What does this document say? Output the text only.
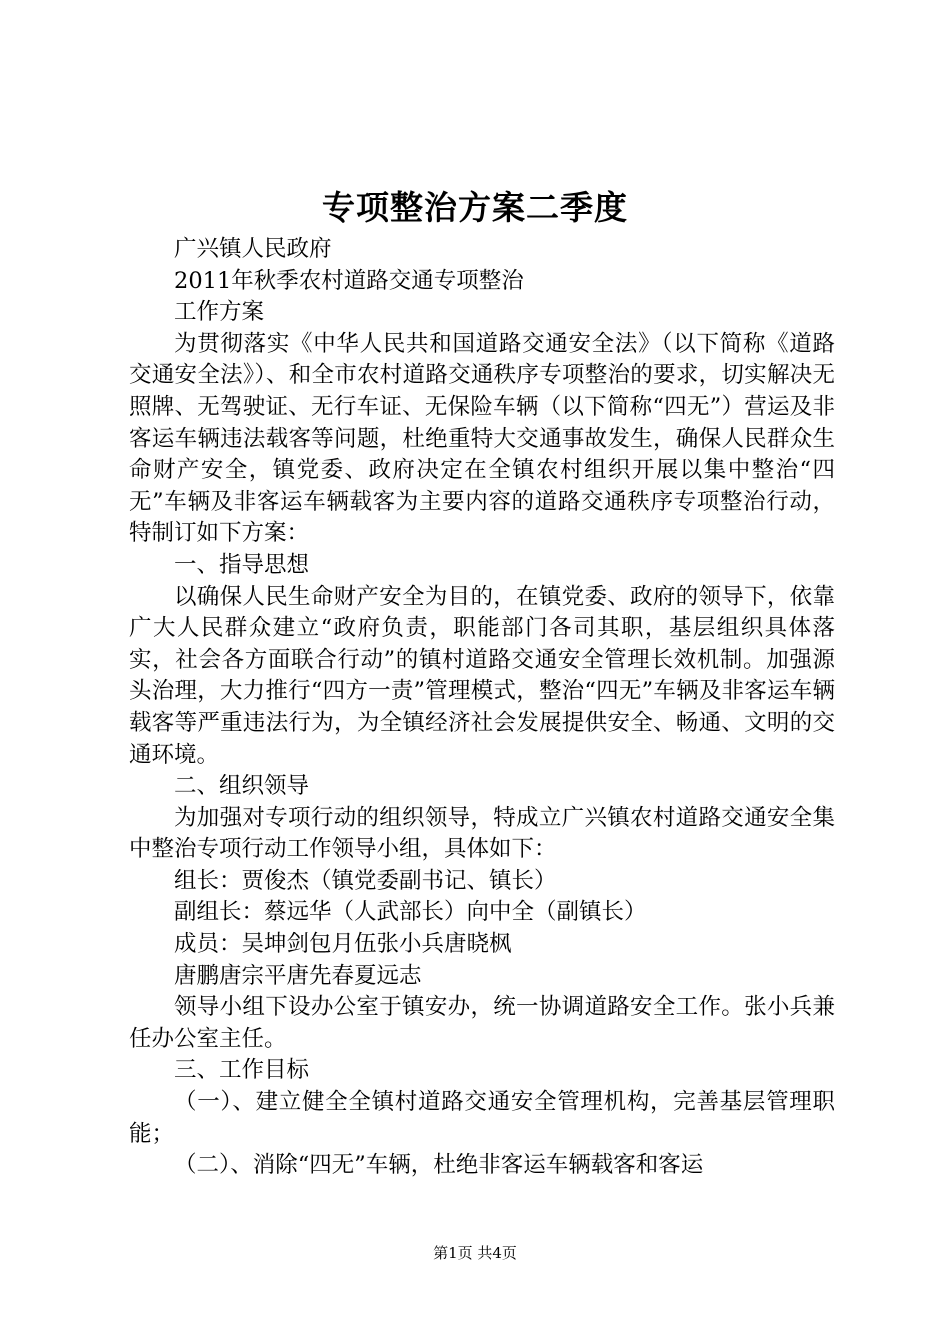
专项整治方案二季度

广兴镇人民政府

2011年秋季农村道路交通专项整治

工作方案

为贯彻落实《中华人民共和国道路交通安全法》（以下简称《道路交通安全法》）、和全市农村道路交通秩序专项整治的要求，切实解决无照牌、无驾驶证、无行车证、无保险车辆（以下简称“四无”）营运及非客运车辆违法载客等问题，杜绝重特大交通事故发生，确保人民群众生命财产安全，镇党委、政府决定在全镇农村组织开展以集中整治“四无”车辆及非客运车辆载客为主要内容的道路交通秩序专项整治行动，特制订如下方案：

一、指导思想

以确保人民生命财产安全为目的，在镇党委、政府的领导下，依靠广大人民群众建立“政府负责，职能部门各司其职，基层组织具体落实，社会各方面联合行动”的镇村道路交通安全管理长效机制。加强源头治理，大力推行“四方一责”管理模式，整治“四无”车辆及非客运车辆载客等严重违法行为，为全镇经济社会发展提供安全、畅通、文明的交通环境。

二、组织领导

为加强对专项行动的组织领导，特成立广兴镇农村道路交通安全集中整治专项行动工作领导小组，具体如下：

组长：贾俊杰（镇党委副书记、镇长）

副组长：蔡远华（人武部长）向中全（副镇长）

成员：吴坤剑包月伍张小兵唐晓枫

唐鹏唐宗平唐先春夏远志

领导小组下设办公室于镇安办，统一协调道路安全工作。张小兵兼任办公室主任。

三、工作目标

（一）、建立健全全镇村道路交通安全管理机构，完善基层管理职能；

（二）、消除“四无”车辆，杜绝非客运车辆载客和客运

第1页 共4页
